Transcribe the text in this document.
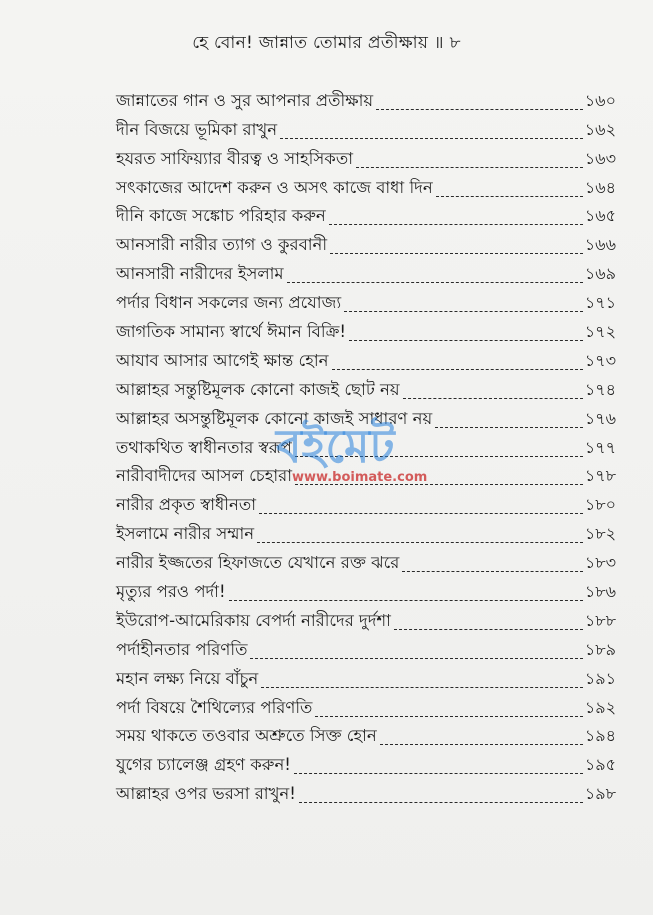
হে বোন! জান্নাত তোমার প্রতীক্ষায় ॥ ৮
জান্নাতের গান ও সুর আপনার প্রতীক্ষায়	১৬০
দীন বিজয়ে ভূমিকা রাখুন	১৬২
হযরত সাফিয়্যার বীরত্ব ও সাহসিকতা	১৬৩
সৎকাজের আদেশ করুন ও অসৎ কাজে বাধা দিন	১৬৪
দীনি কাজে সঙ্কোচ পরিহার করুন	১৬৫
আনসারী নারীর ত্যাগ ও কুরবানী	১৬৬
আনসারী নারীদের ইসলাম	১৬৯
পর্দার বিধান সকলের জন্য প্রযোজ্য	১৭১
জাগতিক সামান্য স্বার্থে ঈমান বিক্রি!	১৭২
আযাব আসার আগেই ক্ষান্ত হোন	১৭৩
আল্লাহর সন্তুষ্টিমূলক কোনো কাজই ছোট নয়	১৭৪
আল্লাহর অসন্তুষ্টিমূলক কোনো কাজই সাধারণ নয়	১৭৬
তথাকথিত স্বাধীনতার স্বরূপ	১৭৭
নারীবাদীদের আসল চেহারা	১৭৮
নারীর প্রকৃত স্বাধীনতা	১৮০
ইসলামে নারীর সম্মান	১৮২
নারীর ইজ্জতের হিফাজতে যেখানে রক্ত ঝরে	১৮৩
মৃত্যুর পরও পর্দা!	১৮৬
ইউরোপ-আমেরিকায় বেপর্দা নারীদের দুর্দশা	১৮৮
পর্দাহীনতার পরিণতি	১৮৯
মহান লক্ষ্য নিয়ে বাঁচুন	১৯১
পর্দা বিষয়ে শৈথিল্যের পরিণতি	১৯২
সময় থাকতে তওবার অশ্রুতে সিক্ত হোন	১৯৪
যুগের চ্যালেঞ্জ গ্রহণ করুন!	১৯৫
আল্লাহর ওপর ভরসা রাখুন!	১৯৮
বইমেট
www.boimate.com
